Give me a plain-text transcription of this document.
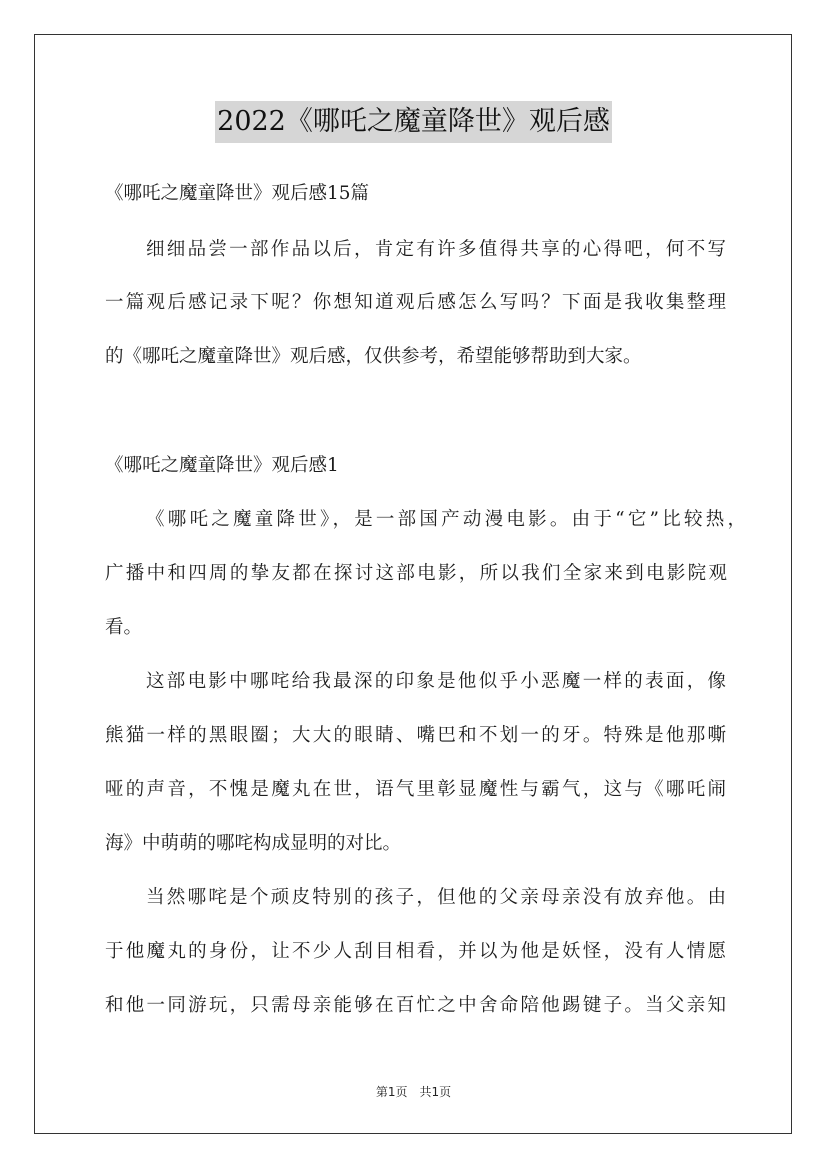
2022《哪吒之魔童降世》观后感
《哪吒之魔童降世》观后感15篇
细细品尝一部作品以后，肯定有许多值得共享的心得吧，何不写
一篇观后感记录下呢？你想知道观后感怎么写吗？下面是我收集整理
的《哪吒之魔童降世》观后感，仅供参考，希望能够帮助到大家。
《哪吒之魔童降世》观后感1
《哪吒之魔童降世》，是一部国产动漫电影。由于“它”比较热，
广播中和四周的挚友都在探讨这部电影，所以我们全家来到电影院观
看。
这部电影中哪咤给我最深的印象是他似乎小恶魔一样的表面，像
熊猫一样的黑眼圈；大大的眼睛、嘴巴和不划一的牙。特殊是他那嘶
哑的声音，不愧是魔丸在世，语气里彰显魔性与霸气，这与《哪吒闹
海》中萌萌的哪咤构成显明的对比。
当然哪咤是个顽皮特别的孩子，但他的父亲母亲没有放弃他。由
于他魔丸的身份，让不少人刮目相看，并以为他是妖怪，没有人情愿
和他一同游玩，只需母亲能够在百忙之中舍命陪他踢键子。当父亲知
第1页　共1页
